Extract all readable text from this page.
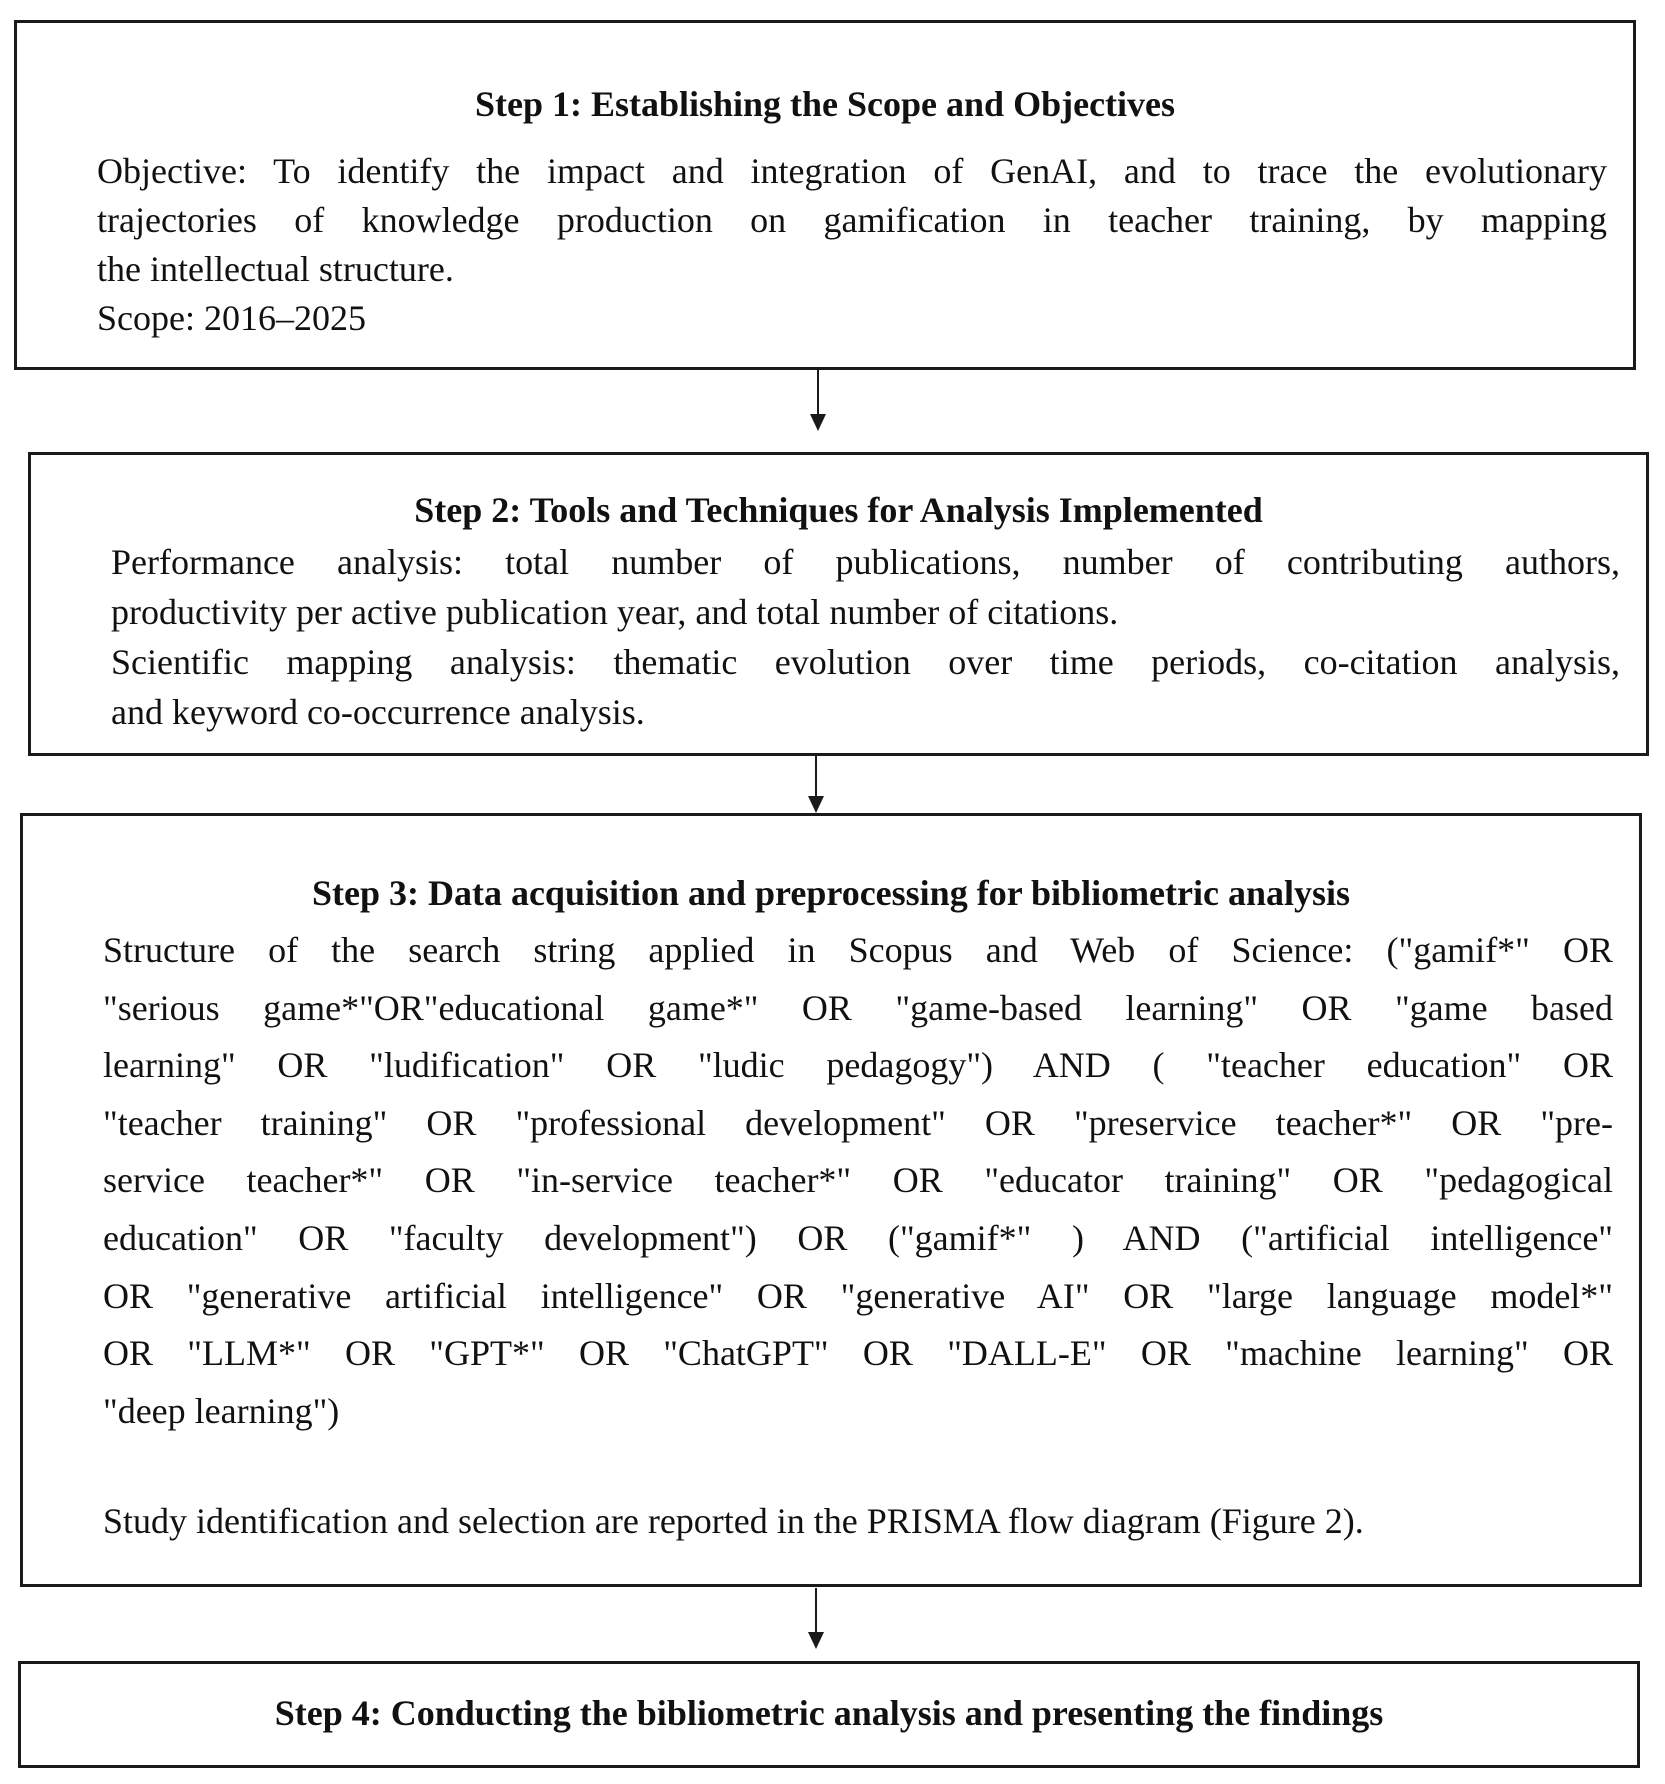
Step 1: Establishing the Scope and Objectives
Objective: To identify the impact and integration of GenAI, and to trace the evolutionary
trajectories of knowledge production on gamification in teacher training, by mapping
the intellectual structure.
Scope: 2016–2025
Step 2: Tools and Techniques for Analysis Implemented
Performance analysis: total number of publications, number of contributing authors,
productivity per active publication year, and total number of citations.
Scientific mapping analysis: thematic evolution over time periods, co-citation analysis,
and keyword co-occurrence analysis.
Step 3: Data acquisition and preprocessing for bibliometric analysis
Structure of the search string applied in Scopus and Web of Science: ("gamif*" OR
"serious game*"OR"educational game*" OR "game-based learning" OR "game based
learning" OR "ludification" OR "ludic pedagogy") AND ( "teacher education" OR
"teacher training" OR "professional development" OR "preservice teacher*" OR "pre-
service teacher*" OR "in-service teacher*" OR "educator training" OR "pedagogical
education" OR "faculty development") OR ("gamif*" ) AND ("artificial intelligence"
OR "generative artificial intelligence" OR "generative AI" OR "large language model*"
OR "LLM*" OR "GPT*" OR "ChatGPT" OR "DALL-E" OR "machine learning" OR
"deep learning")
Study identification and selection are reported in the PRISMA flow diagram (Figure 2).
Step 4: Conducting the bibliometric analysis and presenting the findings
